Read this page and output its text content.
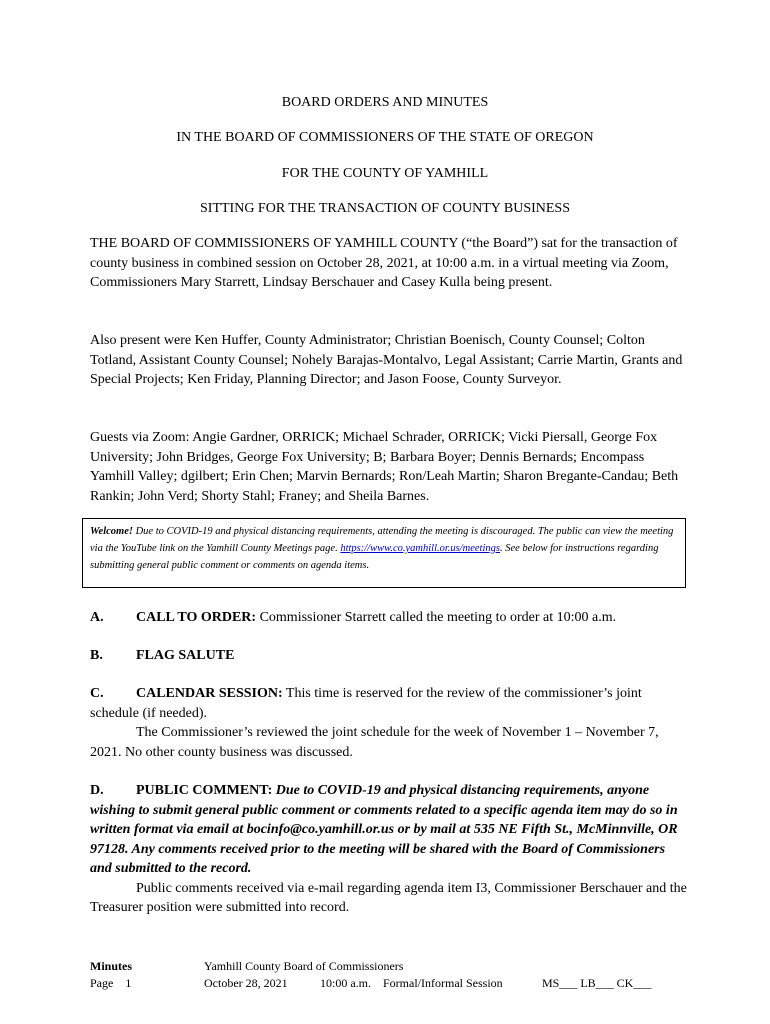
BOARD ORDERS AND MINUTES
IN THE BOARD OF COMMISSIONERS OF THE STATE OF OREGON
FOR THE COUNTY OF YAMHILL
SITTING FOR THE TRANSACTION OF COUNTY BUSINESS
THE BOARD OF COMMISSIONERS OF YAMHILL COUNTY (“the Board”) sat for the transaction of county business in combined session on October 28, 2021, at 10:00 a.m. in a virtual meeting via Zoom, Commissioners Mary Starrett, Lindsay Berschauer and Casey Kulla being present.
Also present were Ken Huffer, County Administrator; Christian Boenisch, County Counsel; Colton Totland, Assistant County Counsel; Nohely Barajas-Montalvo, Legal Assistant; Carrie Martin, Grants and Special Projects; Ken Friday, Planning Director; and Jason Foose, County Surveyor.
Guests via Zoom: Angie Gardner, ORRICK; Michael Schrader, ORRICK; Vicki Piersall, George Fox University; John Bridges, George Fox University; B; Barbara Boyer; Dennis Bernards; Encompass Yamhill Valley; dgilbert; Erin Chen; Marvin Bernards; Ron/Leah Martin; Sharon Bregante-Candau; Beth Rankin; John Verd; Shorty Stahl; Franey; and Sheila Barnes.
Welcome! Due to COVID-19 and physical distancing requirements, attending the meeting is discouraged. The public can view the meeting via the YouTube link on the Yamhill County Meetings page. https://www.co.yamhill.or.us/meetings. See below for instructions regarding submitting general public comment or comments on agenda items.
A. CALL TO ORDER: Commissioner Starrett called the meeting to order at 10:00 a.m.
B. FLAG SALUTE
C. CALENDAR SESSION: This time is reserved for the review of the commissioner’s joint schedule (if needed).
The Commissioner’s reviewed the joint schedule for the week of November 1 – November 7, 2021. No other county business was discussed.
D. PUBLIC COMMENT: Due to COVID-19 and physical distancing requirements, anyone wishing to submit general public comment or comments related to a specific agenda item may do so in written format via email at bocinfo@co.yamhill.or.us or by mail at 535 NE Fifth St., McMinnville, OR 97128. Any comments received prior to the meeting will be shared with the Board of Commissioners and submitted to the record.
Public comments received via e-mail regarding agenda item I3, Commissioner Berschauer and the Treasurer position were submitted into record.
Minutes
Page 1
Yamhill County Board of Commissioners
October 28, 2021	10:00 a.m. Formal/Informal Session	MS___ LB___ CK___
